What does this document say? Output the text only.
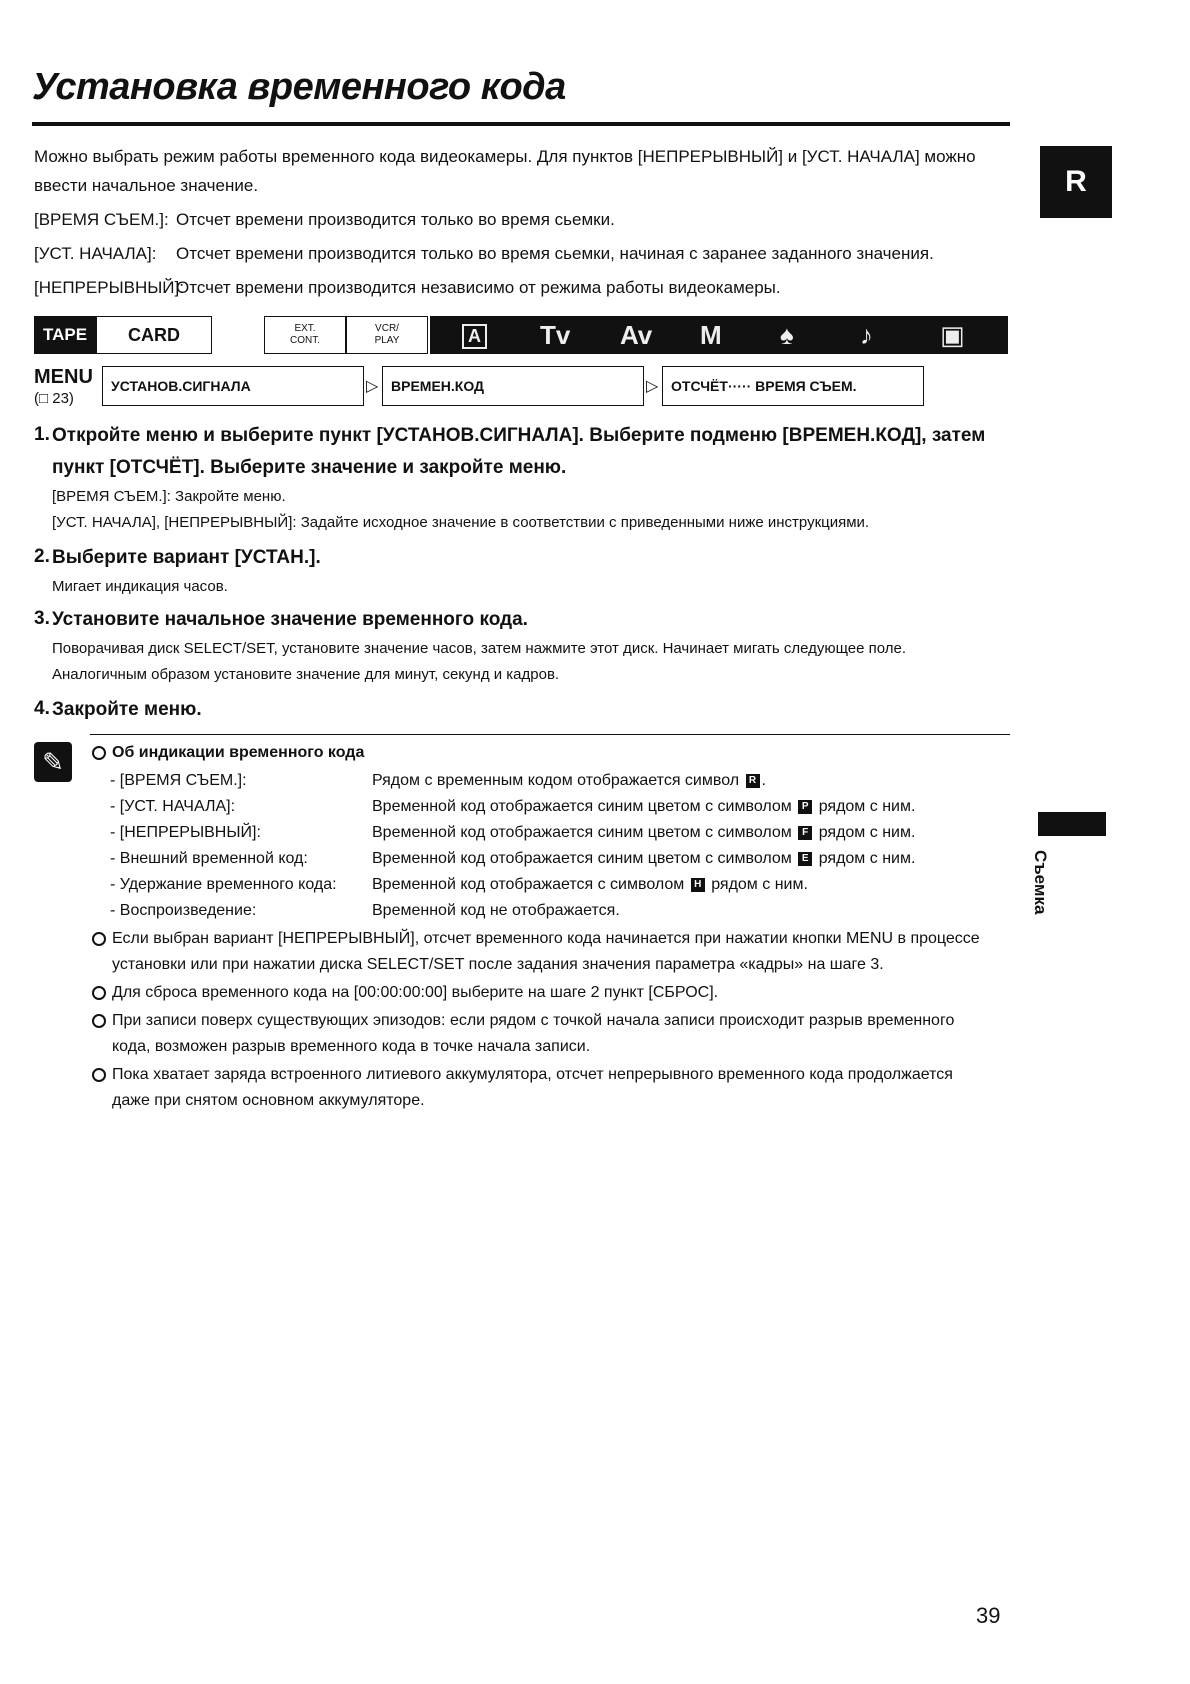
Установка временного кода
R
Можно выбрать режим работы временного кода видеокамеры. Для пунктов [НЕПРЕРЫВНЫЙ] и [УСТ. НАЧАЛА] можно ввести начальное значение.
[ВРЕМЯ СЪЕМ.]: Отсчет времени производится только во время сьемки.
[УСТ. НАЧАЛА]: Отсчет времени производится только во время сьемки, начиная с заранее заданного значения.
[НЕПРЕРЫВНЫЙ]:
Отсчет времени производится независимо от режима работы видеокамеры.
TAPE	CARD	EXT.
CONT.
VCR/
PLAY	A Tv Av M ♠	♪	▣
MENU
(□ 23)
УСТАНОВ.СИГНАЛА	▷ ВРЕМЕН.КОД	▷ ОТСЧЁТ····· ВРЕМЯ СЪЕМ.
1. Откройте меню и выберите пункт [УСТАНОВ.СИГНАЛА]. Выберите подменю [ВРЕМЕН.КОД], затем
пункт [ОТСЧЁТ]. Выберите значение и закройте меню.
[ВРЕМЯ СЪЕМ.]: Закройте меню.
[УСТ. НАЧАЛА], [НЕПРЕРЫВНЫЙ]: Задайте исходное значение в соответствии с приведенными ниже инструкциями.
2. Выберите вариант [УСТАН.].
Мигает индикация часов.
3. Установите начальное значение временного кода.
Поворачивая диск SELECT/SET, установите значение часов, затем нажмите этот диск. Начинает мигать следующее поле.
Аналогичным образом установите значение для минут, секунд и кадров.
4. Закройте меню.
✎	Об индикации временного кода
- [ВРЕМЯ СЪЕМ.]:	Рядом с временным кодом отображается символ R .
- [УСТ. НАЧАЛА]:	Временной код отображается синим цветом с символом P рядом с ним.
- [НЕПРЕРЫВНЫЙ]:	Временной код отображается синим цветом с символом F рядом с ним.
- Внешний временной код:	Временной код отображается синим цветом с символом E рядом с ним.
- Удержание временного кода: Временной код отображается с символом H рядом с ним.
- Воспроизведение:	Временной код не отображается.
Если выбран вариант [НЕПРЕРЫВНЫЙ], отсчет временного кода начинается при нажатии кнопки MENU в процессе
установки или при нажатии диска SELECT/SET после задания значения параметра «кадры» на шаге 3.
Для сброса временного кода на [00:00:00:00] выберите на шаге 2 пункт [СБРОС].
При записи поверх существующих эпизодов: если рядом с точкой начала записи происходит разрыв временного
кода, возможен разрыв временного кода в точке начала записи.
Пока хватает заряда встроенного литиевого аккумулятора, отсчет непрерывного временного кода продолжается
даже при снятом основном аккумуляторе.
Съемка
39
